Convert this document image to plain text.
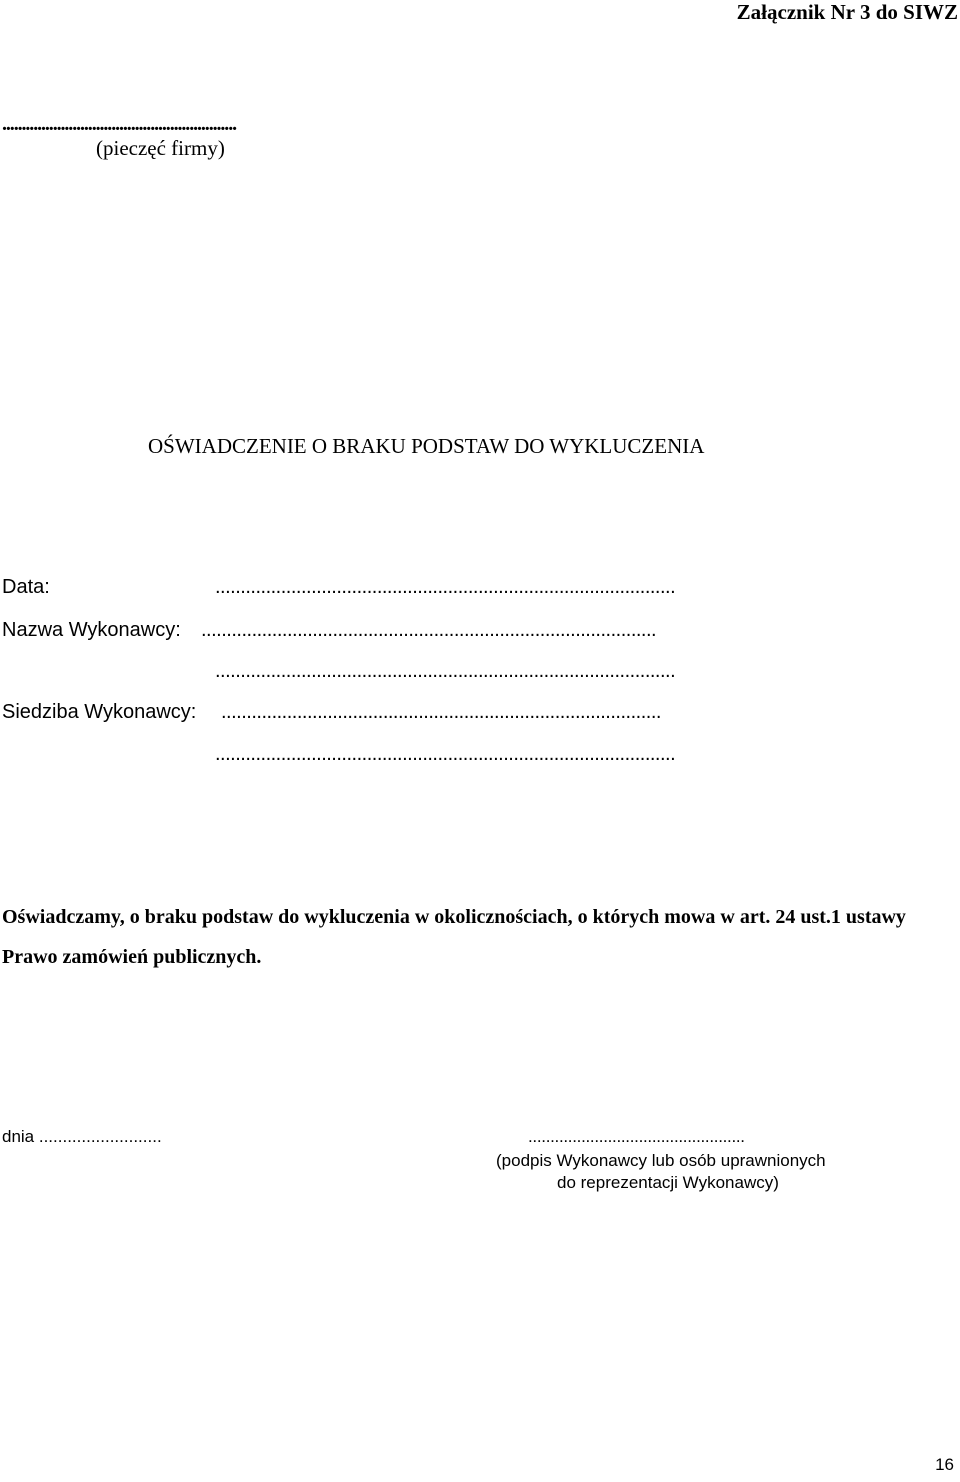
Załącznik Nr 3 do SIWZ
............................................................
(pieczęć firmy)
OŚWIADCZENIE O BRAKU PODSTAW DO WYKLUCZENIA
Data:	...........................................................................................
Nazwa Wykonawcy: ..........................................................................................
...........................................................................................
Siedziba Wykonawcy: .......................................................................................
...........................................................................................
Oświadczamy, o braku podstaw do wykluczenia w okolicznościach, o których mowa w art. 24 ust.1 ustawy Prawo zamówień publicznych.
dnia ..........................	.................................................
(podpis Wykonawcy lub osób uprawnionych
do reprezentacji Wykonawcy)
16
